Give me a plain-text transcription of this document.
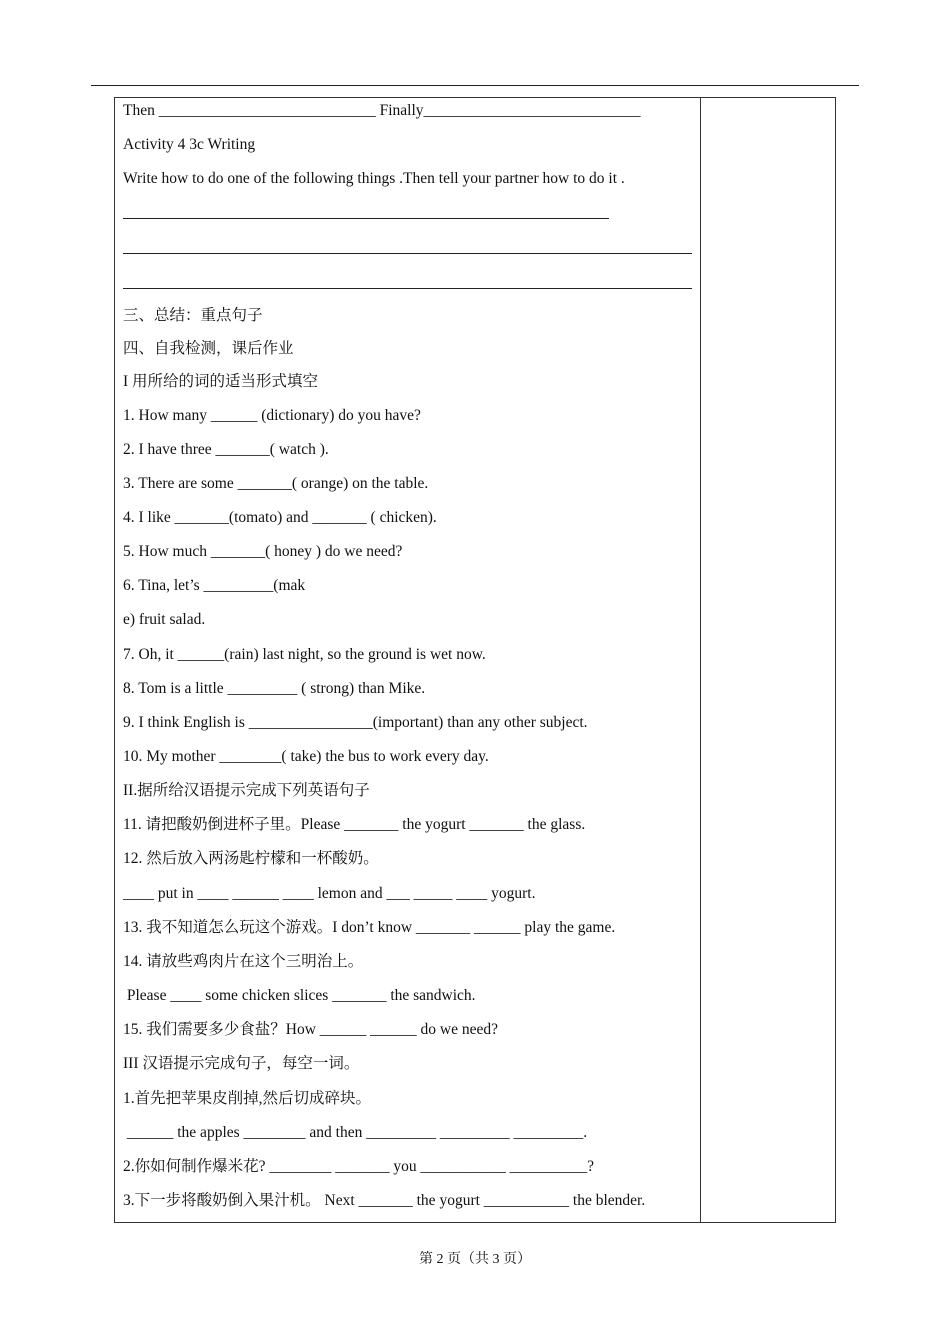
Then ____________________________ Finally____________________________
Activity 4 3c Writing
Write how to do one of the following things .Then tell your partner how to do it .
三、总结：重点句子
四、自我检测，课后作业
I 用所给的词的适当形式填空
1. How many ______ (dictionary) do you have?
2. I have three _______( watch ).
3. There are some _______( orange) on the table.
4. I like _______(tomato) and _______ ( chicken).
5. How much _______( honey ) do we need?
6. Tina, let’s _________(mak
e) fruit salad.
7. Oh, it ______(rain) last night, so the ground is wet now.
8. Tom is a little _________ ( strong) than Mike.
9. I think English is ________________(important) than any other subject.
10. My mother ________( take) the bus to work every day.
II.据所给汉语提示完成下列英语句子
11. 请把酸奶倒进杯子里。Please _______ the yogurt _______ the glass.
12. 然后放入两汤匙柠檬和一杯酸奶。
____ put in ____ ______ ____ lemon and ___ _____ ____ yogurt.
13. 我不知道怎么玩这个游戏。I don’t know _______ ______ play the game.
14. 请放些鸡肉片在这个三明治上。
Please ____ some chicken slices _______ the sandwich.
15. 我们需要多少食盐？How ______ ______ do we need?
III 汉语提示完成句子，每空一词。
1.首先把苹果皮削掉,然后切成碎块。
______ the apples ________ and then _________ _________ _________.
2.你如何制作爆米花? ________ _______ you ___________ __________?
3.下一步将酸奶倒入果汁机。 Next _______ the yogurt ___________ the blender.
第 2 页（共 3 页）
